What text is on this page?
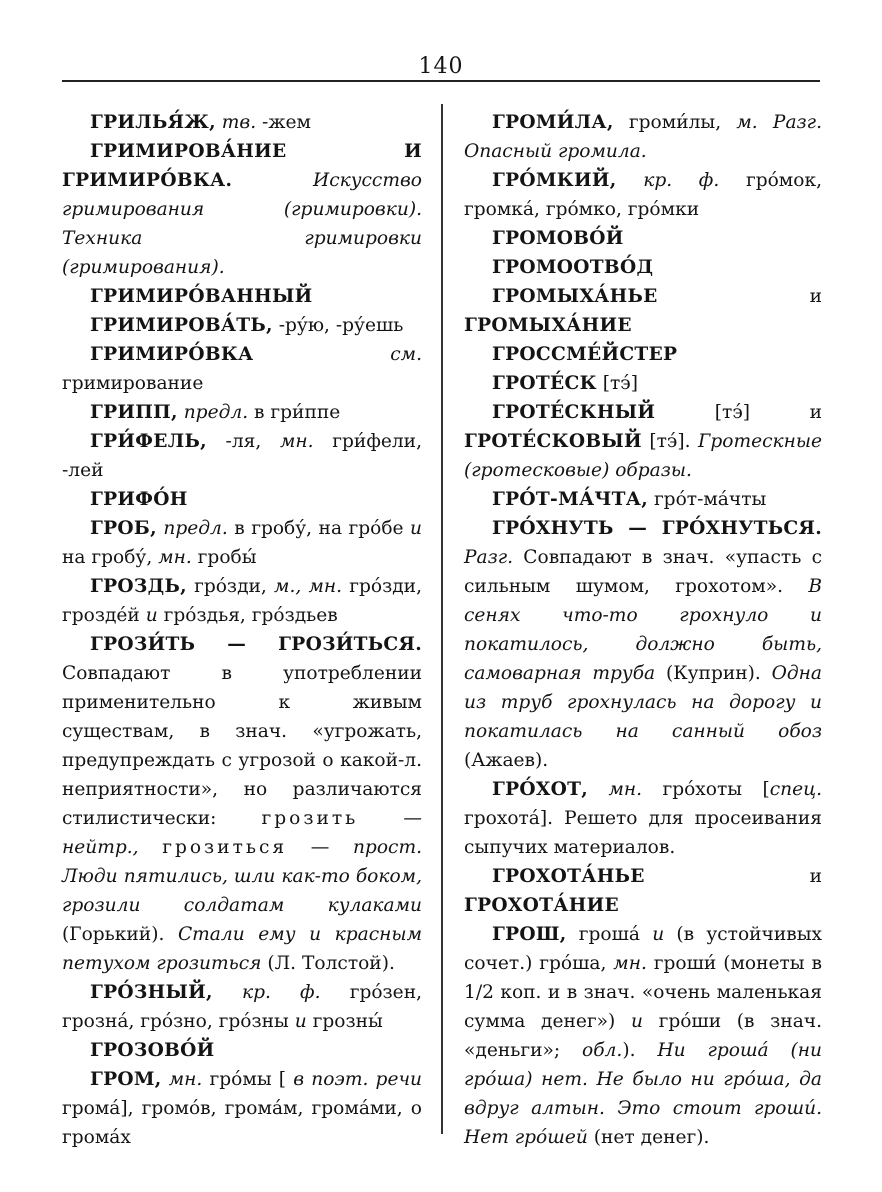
140

ГРИЛЬЯ́Ж, тв. -жем

ГРИМИРОВА́НИЕ И ГРИМИРО́ВКА.	Искусство гримирования (гримировки). Техника гримировки (гримирования).

ГРИМИРО́ВАННЫЙ

ГРИМИРОВА́ТЬ, -ру́ю, -ру́ешь

ГРИМИРО́ВКА	см. гримирование

ГРИПП, предл. в гри́ппе

ГРИ́ФЕЛЬ, -ля, мн. гри́фели, -лей

ГРИФО́Н

ГРОБ, предл. в гробу́, на гро́бе и на гробу́, мн. гробы́

ГРОЗДЬ, гро́зди, м., мн. гро́зди, гроздéй и гро́здья, гро́здьев

ГРОЗИ́ТЬ — ГРОЗИ́ТЬСЯ. Совпадают в употреблении применительно к живым существам, в знач. «угрожать, предупреждать с угрозой о какой-л. неприятности», но различаются стилистически: грозить — нейтр., грозиться — прост. Люди пятились, шли как-то боком, грозили солдатам кулаками (Горький). Стали ему и красным петухом грозиться (Л. Толстой).

ГРО́ЗНЫЙ, кр. ф. гро́зен, грозна́, гро́зно, гро́зны и грозны́

ГРОЗОВО́Й

ГРОМ, мн. гро́мы [ в поэт. речи грома́], громо́в, громáм, грома́ми, о громáх

ГРОМИ́ЛА, громи́лы, м. Разг. Опасный громила.

ГРО́МКИЙ, кр. ф. гро́мок, громка́, гро́мко, гро́мки

ГРОМОВО́Й

ГРОМООТВО́Д

ГРОМЫХА́НЬЕ и ГРОМЫХА́НИЕ

ГРОССМЕ́ЙСТЕР

ГРОТЕ́СК [тэ́]

ГРОТЕ́СКНЫЙ [тэ́] и ГРОТЕ́СКОВЫЙ [тэ́]. Гротескные (гротесковые) образы.

ГРО́Т-МА́ЧТА, гро́т-ма́чты

ГРО́ХНУТЬ — ГРО́ХНУТЬСЯ. Разг. Совпадают в знач. «упасть с сильным шумом, грохотом». В сенях что-то грохнуло и покатилось, должно быть, самоварная труба (Куприн). Одна из труб грохнулась на дорогу и покатилась на санный обоз (Ажаев).

ГРО́ХОТ, мн. гро́хоты [спец. грохота́]. Решето для просеивания сыпучих материалов.

ГРОХОТА́НЬЕ и ГРОХОТА́НИЕ

ГРОШ, гроша́ и (в устойчивых сочет.) гро́ша, мн. гроши́ (монеты в 1/2 коп. и в знач. «очень маленькая сумма денег») и гро́ши (в знач. «деньги»; обл.). Ни гроша́ (ни гро́ша) нет. Не было ни гро́ша, да вдруг алтын. Это стоит гроши́. Нет гро́шей (нет денег).
